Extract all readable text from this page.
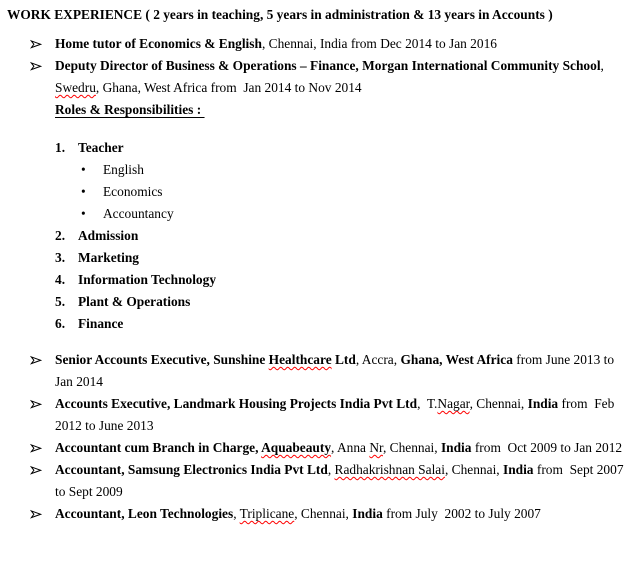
WORK EXPERIENCE ( 2 years in teaching, 5 years in administration & 13 years in Accounts )
Home tutor of Economics & English, Chennai, India from Dec 2014 to Jan 2016
Deputy Director of Business & Operations – Finance, Morgan International Community School, Swedru, Ghana, West Africa from  Jan 2014 to Nov 2014
Roles & Responsibilities :
1. Teacher
• English
• Economics
• Accountancy
2. Admission
3. Marketing
4. Information Technology
5. Plant & Operations
6. Finance
Senior Accounts Executive, Sunshine Healthcare Ltd, Accra, Ghana, West Africa from June 2013 to Jan 2014
Accounts Executive, Landmark Housing Projects India Pvt Ltd,  T.Nagar, Chennai, India from  Feb 2012 to June 2013
Accountant cum Branch in Charge, Aquabeauty, Anna Nr, Chennai, India from  Oct 2009 to Jan 2012
Accountant, Samsung Electronics India Pvt Ltd, Radhakrishnan Salai, Chennai, India from  Sept 2007 to Sept 2009
Accountant, Leon Technologies, Triplicane, Chennai, India from July  2002 to July 2007
